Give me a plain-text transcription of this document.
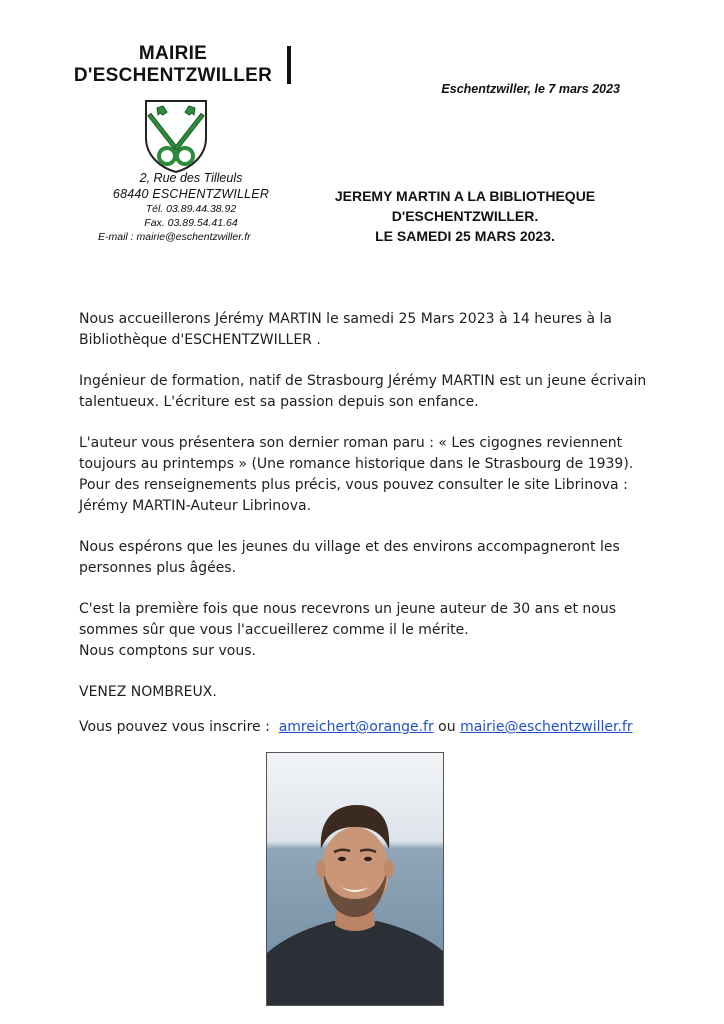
MAIRIE
D'ESCHENTZWILLER
2, Rue des Tilleuls
68440 ESCHENTZWILLER
Tél. 03.89.44.38.92
Fax. 03.89.54.41.64
E-mail : mairie@eschentzwiller.fr
Eschentzwiller, le 7 mars 2023
JEREMY MARTIN A LA BIBLIOTHEQUE
D'ESCHENTZWILLER.
LE SAMEDI 25 MARS 2023.

Nous accueillerons Jérémy MARTIN le samedi 25 Mars 2023 à 14 heures à la Bibliothèque d'ESCHENTZWILLER .

Ingénieur de formation, natif de Strasbourg Jérémy MARTIN est un jeune écrivain talentueux. L'écriture est sa passion depuis son enfance.

L'auteur vous présentera son dernier roman paru : « Les cigognes reviennent toujours au printemps » (Une romance historique dans le Strasbourg de 1939). Pour des renseignements plus précis, vous pouvez consulter le site Librinova : Jérémy MARTIN-Auteur Librinova.

Nous espérons que les jeunes du village et des environs accompagneront les personnes plus âgées.

C'est la première fois que nous recevrons un jeune auteur de 30 ans et nous sommes sûr que vous l'accueillerez comme il le mérite.
Nous comptons sur vous.

VENEZ NOMBREUX.

Vous pouvez vous inscrire : amreichert@orange.fr ou mairie@eschentzwiller.fr
